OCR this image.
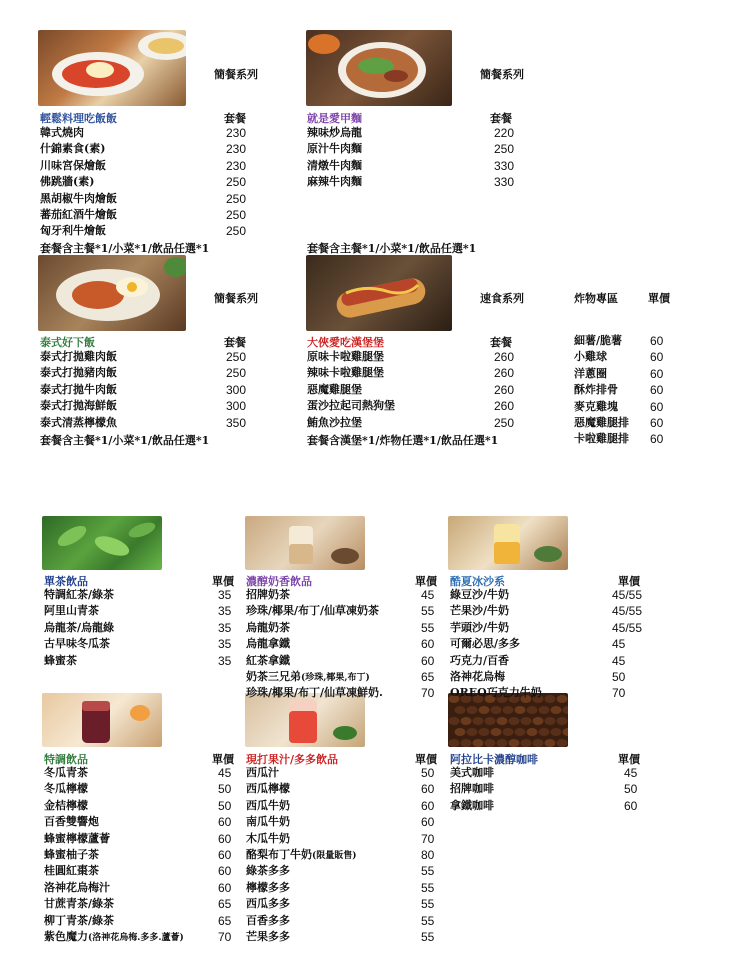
簡餐系列
輕鬆料理吃飯飯	套餐
套餐含主餐*1/小菜*1/飲品任選*1
簡餐系列
就是愛甲麵	套餐
套餐含主餐*1/小菜*1/飲品任選*1
簡餐系列
泰式好下飯	套餐
套餐含主餐*1/小菜*1/飲品任選*1
速食系列
大俠愛吃漢堡堡	套餐
套餐含漢堡*1/炸物任選*1/飲品任選*1
炸物專區	單價
單茶飲品	單價 濃醇奶香飲品	單價 酷夏冰沙系	單價
特調飲品	單價 現打果汁/多多飲品	單價 阿拉比卡濃醇咖啡	單價
韓式燒肉	230
什錦素食(素)	230
川味宮保燴飯	230
佛跳牆(素)	250
黑胡椒牛肉燴飯	250
蕃茄紅酒牛燴飯	250
匈牙利牛燴飯	250
辣味炒烏龍	220
原汁牛肉麵	250
清燉牛肉麵	330
麻辣牛肉麵	330
泰式打拋雞肉飯	250
泰式打拋豬肉飯	250
泰式打拋牛肉飯	300
泰式打拋海鮮飯	300
泰式清蒸檸檬魚	350
原味卡啦雞腿堡	260
辣味卡啦雞腿堡	260
惡魔雞腿堡	260
蛋沙拉起司熱狗堡	260
鮪魚沙拉堡	250
細薯/脆薯 60
小雞球	60
洋蔥圈	60
酥炸排骨	60
麥克雞塊	60
惡魔雞腿排 60
卡啦雞腿排 60
特調紅茶/綠茶	35
阿里山青茶	35
烏龍茶/烏龍綠	35
古早味冬瓜茶	35
蜂蜜茶	35
招牌奶茶	45
珍珠/椰果/布丁/仙草凍奶茶	55
烏龍奶茶	55
烏龍拿鐵	60
紅茶拿鐵	60
奶茶三兄弟(珍珠,椰果,布丁)	65
珍珠/椰果/布丁/仙草凍鮮奶.	70
綠豆沙/牛奶	45/55
芒果沙/牛奶	45/55
芋頭沙/牛奶	45/55
可爾必思/多多	45
巧克力/百香	45
洛神花烏梅	50
OREO巧克力牛奶	70
冬瓜青茶	45
冬瓜檸檬	50
金桔檸檬	50
百香雙響炮	60
蜂蜜檸檬蘆薈	60
蜂蜜柚子茶	60
桂圓紅棗茶	60
洛神花烏梅汁	60
甘蔗青茶/綠茶	65
柳丁青茶/綠茶	65
紫色魔力(洛神花烏梅.多多.蘆薈)	70
西瓜汁	50
西瓜檸檬	60
西瓜牛奶	60
南瓜牛奶	60
木瓜牛奶	70
酪梨布丁牛奶(限量販售)	80
綠茶多多	55
檸檬多多	55
西瓜多多	55
百香多多	55
芒果多多	55
美式咖啡	45
招牌咖啡	50
拿鐵咖啡	60
